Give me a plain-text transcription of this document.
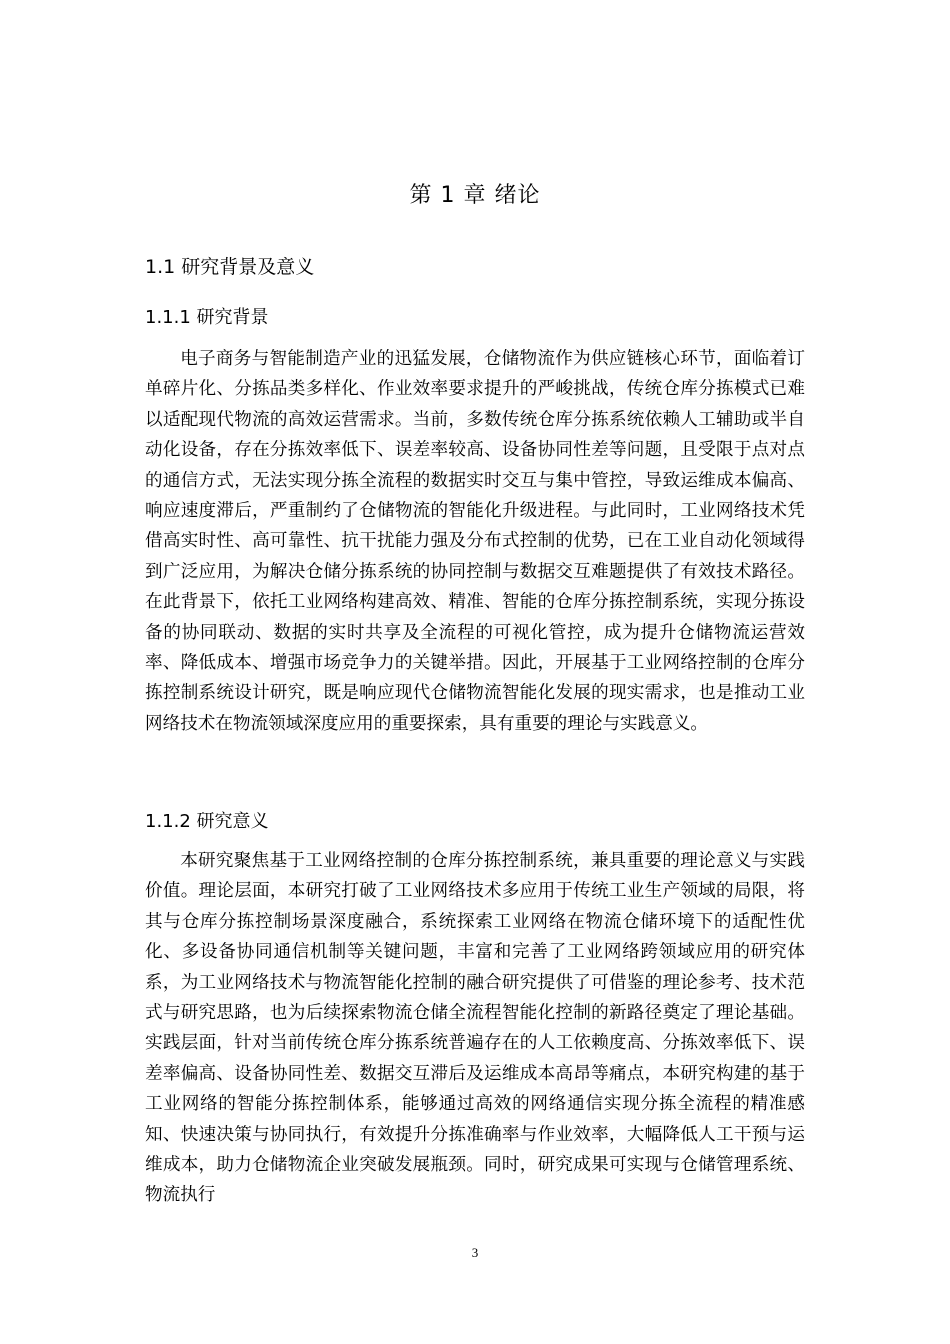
第 1 章 绪论
1.1 研究背景及意义
1.1.1 研究背景

电子商务与智能制造产业的迅猛发展，仓储物流作为供应链核心环节，面临着订单碎片化、分拣品类多样化、作业效率要求提升的严峻挑战，传统仓库分拣模式已难以适配现代物流的高效运营需求。当前，多数传统仓库分拣系统依赖人工辅助或半自动化设备，存在分拣效率低下、误差率较高、设备协同性差等问题，且受限于点对点的通信方式，无法实现分拣全流程的数据实时交互与集中管控，导致运维成本偏高、响应速度滞后，严重制约了仓储物流的智能化升级进程。与此同时，工业网络技术凭借高实时性、高可靠性、抗干扰能力强及分布式控制的优势，已在工业自动化领域得到广泛应用，为解决仓储分拣系统的协同控制与数据交互难题提供了有效技术路径。在此背景下，依托工业网络构建高效、精准、智能的仓库分拣控制系统，实现分拣设备的协同联动、数据的实时共享及全流程的可视化管控，成为提升仓储物流运营效率、降低成本、增强市场竞争力的关键举措。因此，开展基于工业网络控制的仓库分拣控制系统设计研究，既是响应现代仓储物流智能化发展的现实需求，也是推动工业网络技术在物流领域深度应用的重要探索，具有重要的理论与实践意义。

1.1.2 研究意义

本研究聚焦基于工业网络控制的仓库分拣控制系统，兼具重要的理论意义与实践价值。理论层面，本研究打破了工业网络技术多应用于传统工业生产领域的局限，将其与仓库分拣控制场景深度融合，系统探索工业网络在物流仓储环境下的适配性优化、多设备协同通信机制等关键问题，丰富和完善了工业网络跨领域应用的研究体系，为工业网络技术与物流智能化控制的融合研究提供了可借鉴的理论参考、技术范式与研究思路，也为后续探索物流仓储全流程智能化控制的新路径奠定了理论基础。实践层面，针对当前传统仓库分拣系统普遍存在的人工依赖度高、分拣效率低下、误差率偏高、设备协同性差、数据交互滞后及运维成本高昂等痛点，本研究构建的基于工业网络的智能分拣控制体系，能够通过高效的网络通信实现分拣全流程的精准感知、快速决策与协同执行，有效提升分拣准确率与作业效率，大幅降低人工干预与运维成本，助力仓储物流企业突破发展瓶颈。同时，研究成果可实现与仓储管理系统、物流执行

3
